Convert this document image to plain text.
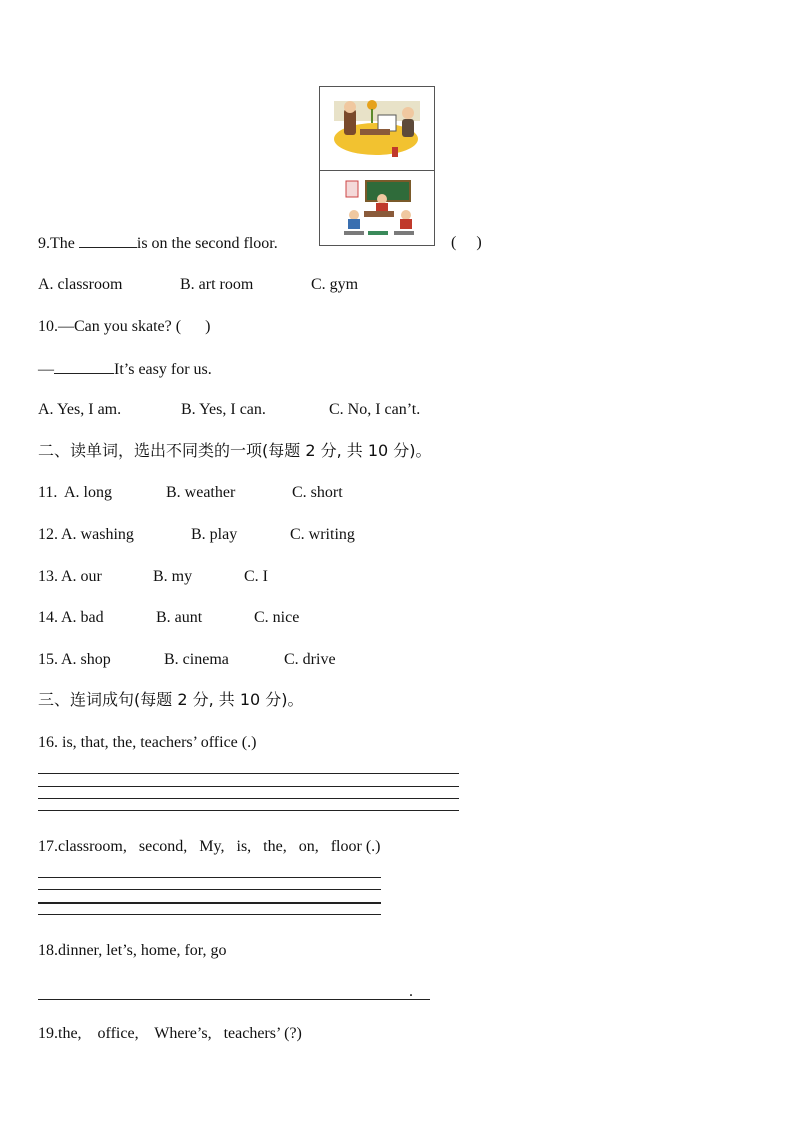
9.The	is on the second floor.	(     )
A. classroom	B. art room	C. gym
10.—Can you skate? (      )
—	It’s easy for us.
A. Yes, I am.	B. Yes, I can.	C. No, I can’t.
二、读单词，选出不同类的一项(每题 2 分, 共 10 分)。
11. A. long	B. weather	C. short
12. A. washing	B. play	C. writing
13. A. our	B. my	C. I
14. A. bad	B. aunt	C. nice
15. A. shop	B. cinema	C. drive
三、连词成句(每题 2 分, 共 10 分)。
16. is, that, the, teachers’ office (.)
17.classroom,   second,   My,   is,   the,   on,   floor (.)
18.dinner, let’s, home, for, go
.
19.the,    office,    Where’s,   teachers’ (?)
